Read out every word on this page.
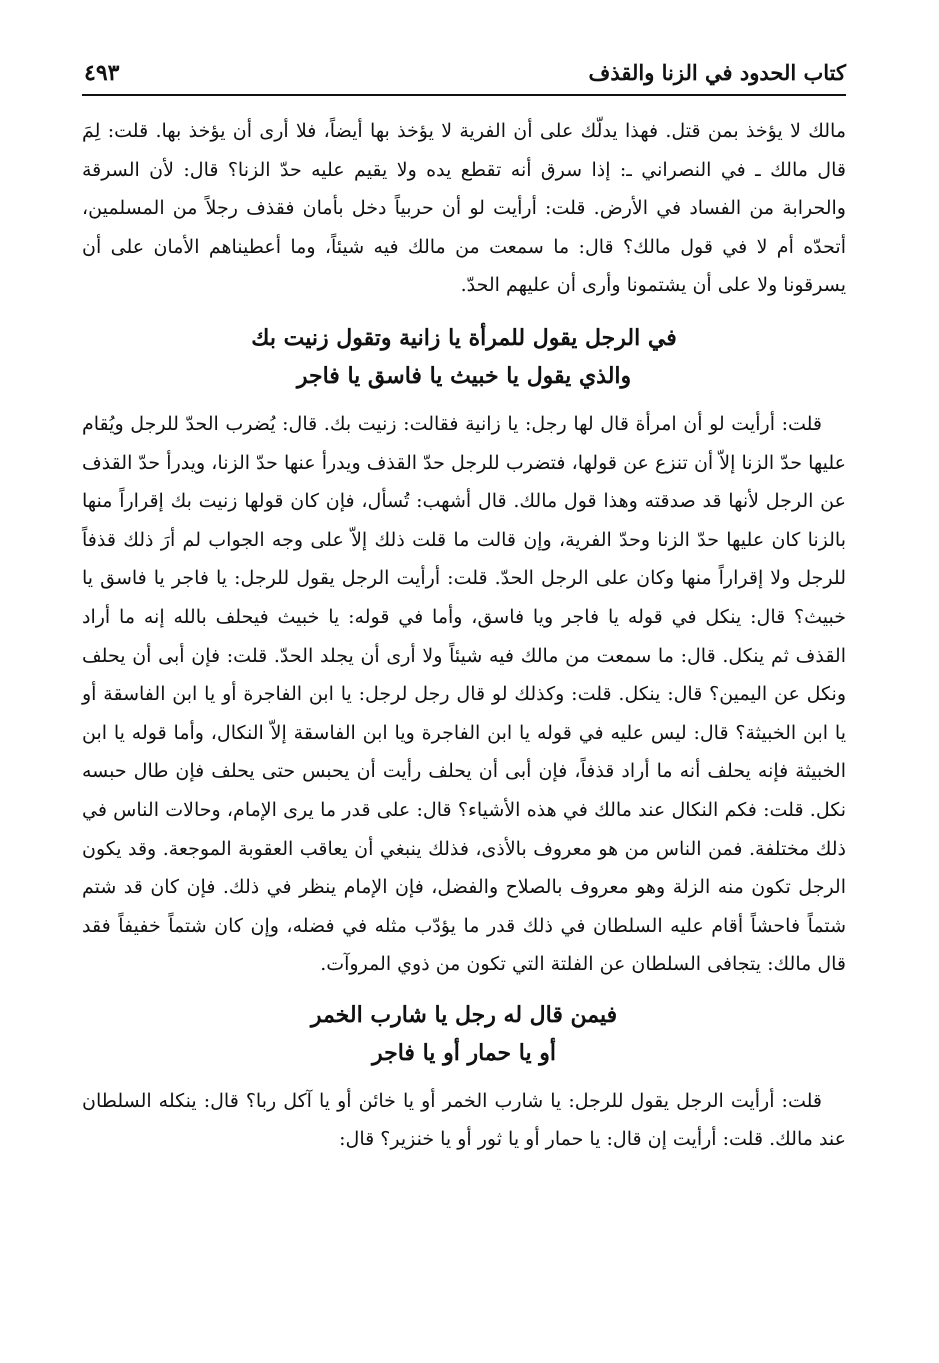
كتاب الحدود في الزنا والقذف
٤٩٣

مالك لا يؤخذ بمن قتل. فهذا يدلّك على أن الفرية لا يؤخذ بها أيضاً، فلا أرى أن يؤخذ بها. قلت: لِمَ قال مالك ـ في النصراني ـ: إذا سرق أنه تقطع يده ولا يقيم عليه حدّ الزنا؟ قال: لأن السرقة والحرابة من الفساد في الأرض. قلت: أرأيت لو أن حربياً دخل بأمان فقذف رجلاً من المسلمين، أتحدّه أم لا في قول مالك؟ قال: ما سمعت من مالك فيه شيئاً، وما أعطيناهم الأمان على أن يسرقونا ولا على أن يشتمونا وأرى أن عليهم الحدّ.

في الرجل يقول للمرأة يا زانية وتقول زنيت بك

والذي يقول يا خبيث يا فاسق يا فاجر

قلت: أرأيت لو أن امرأة قال لها رجل: يا زانية فقالت: زنيت بك. قال: يُضرب الحدّ للرجل ويُقام عليها حدّ الزنا إلاّ أن تنزع عن قولها، فتضرب للرجل حدّ القذف ويدرأ عنها حدّ الزنا، ويدرأ حدّ القذف عن الرجل لأنها قد صدقته وهذا قول مالك. قال أشهب: تُسأل، فإن كان قولها زنيت بك إقراراً منها بالزنا كان عليها حدّ الزنا وحدّ الفرية، وإن قالت ما قلت ذلك إلاّ على وجه الجواب لم أرَ ذلك قذفاً للرجل ولا إقراراً منها وكان على الرجل الحدّ. قلت: أرأيت الرجل يقول للرجل: يا فاجر يا فاسق يا خبيث؟ قال: ينكل في قوله يا فاجر ويا فاسق، وأما في قوله: يا خبيث فيحلف بالله إنه ما أراد القذف ثم ينكل. قال: ما سمعت من مالك فيه شيئاً ولا أرى أن يجلد الحدّ. قلت: فإن أبى أن يحلف ونكل عن اليمين؟ قال: ينكل. قلت: وكذلك لو قال رجل لرجل: يا ابن الفاجرة أو يا ابن الفاسقة أو يا ابن الخبيثة؟ قال: ليس عليه في قوله يا ابن الفاجرة ويا ابن الفاسقة إلاّ النكال، وأما قوله يا ابن الخبيثة فإنه يحلف أنه ما أراد قذفاً، فإن أبى أن يحلف رأيت أن يحبس حتى يحلف فإن طال حبسه نكل. قلت: فكم النكال عند مالك في هذه الأشياء؟ قال: على قدر ما يرى الإمام، وحالات الناس في ذلك مختلفة. فمن الناس من هو معروف بالأذى، فذلك ينبغي أن يعاقب العقوبة الموجعة. وقد يكون الرجل تكون منه الزلة وهو معروف بالصلاح والفضل، فإن الإمام ينظر في ذلك. فإن كان قد شتم شتماً فاحشاً أقام عليه السلطان في ذلك قدر ما يؤدّب مثله في فضله، وإن كان شتماً خفيفاً فقد قال مالك: يتجافى السلطان عن الفلتة التي تكون من ذوي المروآت.

فيمن قال له رجل يا شارب الخمر

أو يا حمار أو يا فاجر

قلت: أرأيت الرجل يقول للرجل: يا شارب الخمر أو يا خائن أو يا آكل ربا؟ قال: ينكله السلطان عند مالك. قلت: أرأيت إن قال: يا حمار أو يا ثور أو يا خنزير؟ قال:
